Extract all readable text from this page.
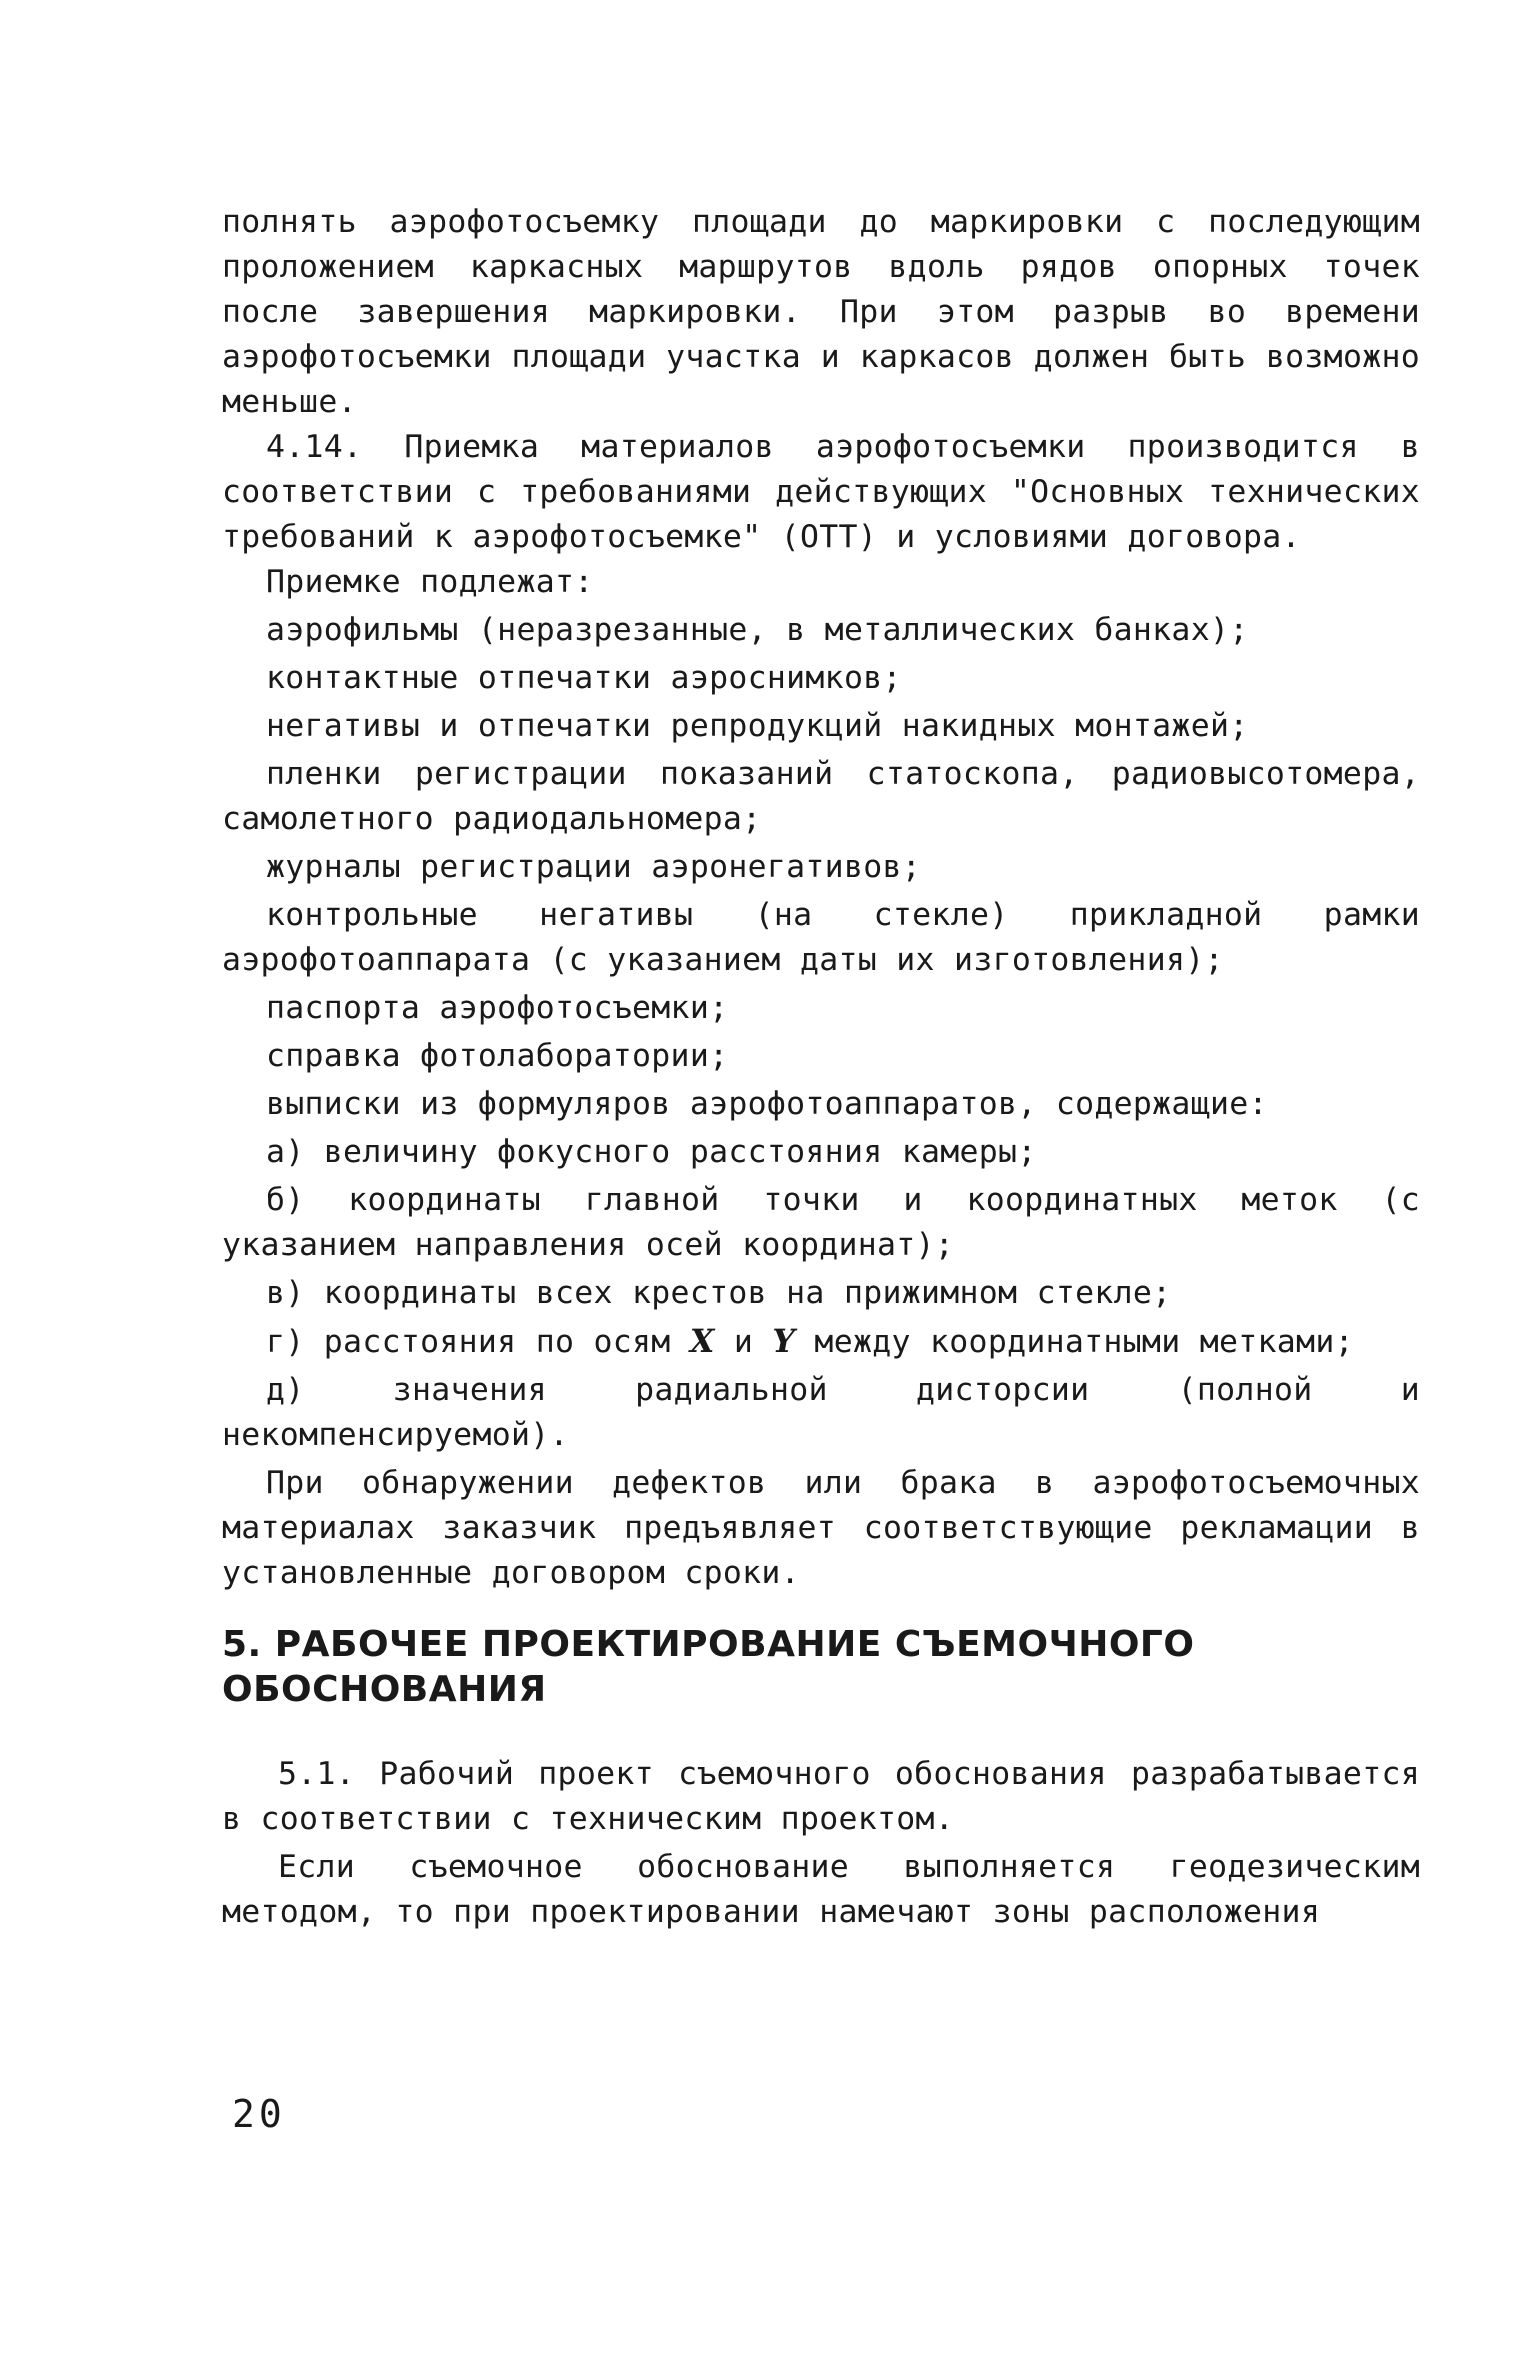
полнять аэрофотосъемку площади до маркировки с последующим проложением каркасных маршрутов вдоль рядов опорных точек после завершения маркировки. При этом разрыв во времени аэрофотосъемки площади участка и каркасов должен быть возможно меньше.

4.14. Приемка материалов аэрофотосъемки производится в соответствии с требованиями действующих "Основных технических требований к аэрофотосъемке" (ОТТ) и условиями договора.

Приемке подлежат:

аэрофильмы (неразрезанные, в металлических банках);

контактные отпечатки аэроснимков;

негативы и отпечатки репродукций накидных монтажей;

пленки регистрации показаний статоскопа, радиовысотомера, самолетного радиодальномера;

журналы регистрации аэронегативов;

контрольные негативы (на стекле) прикладной рамки аэрофотоаппарата (с указанием даты их изготовления);

паспорта аэрофотосъемки;

справка фотолаборатории;

выписки из формуляров аэрофотоаппаратов, содержащие:

а) величину фокусного расстояния камеры;

б) координаты главной точки и координатных меток (с указанием направления осей координат);

в) координаты всех крестов на прижимном стекле;

г) расстояния по осям X и Y между координатными метками;

д) значения радиальной дисторсии (полной и некомпенсируемой).

При обнаружении дефектов или брака в аэрофотосъемочных материалах заказчик предъявляет соответствующие рекламации в установленные договором сроки.

5. РАБОЧЕЕ ПРОЕКТИРОВАНИЕ СЪЕМОЧНОГО ОБОСНОВАНИЯ

5.1. Рабочий проект съемочного обоснования разрабатывается в соответствии с техническим проектом.

Если съемочное обоснование выполняется геодезическим методом, то при проектировании намечают зоны расположения

20
